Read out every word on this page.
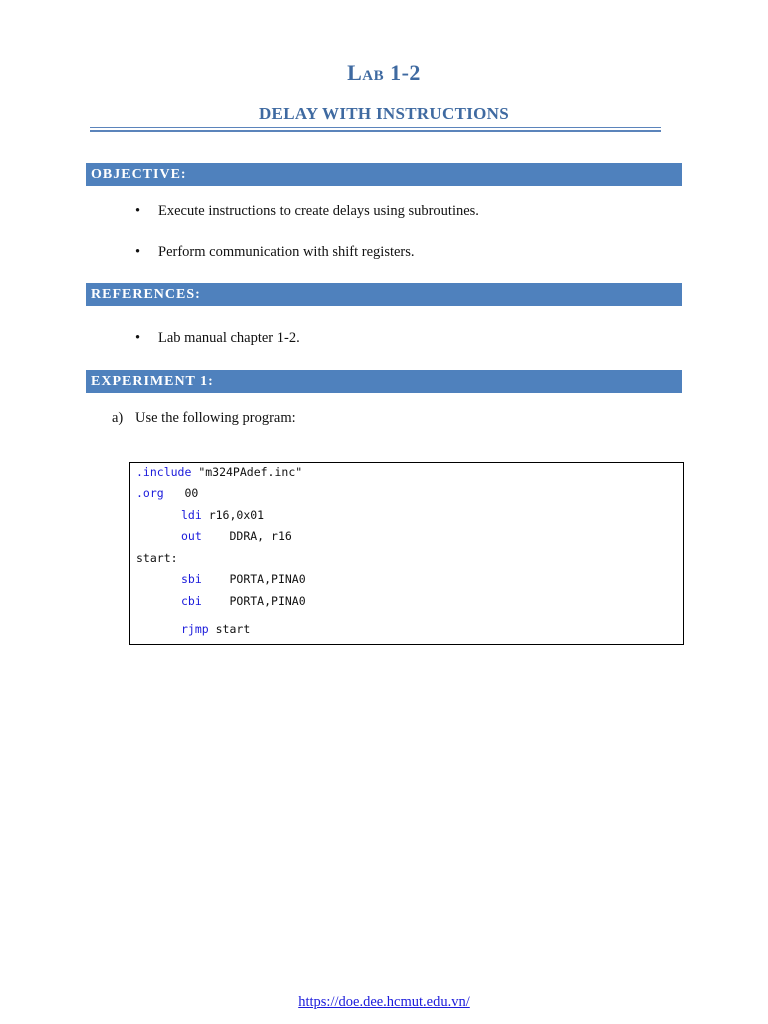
Lab 1-2
DELAY WITH INSTRUCTIONS
OBJECTIVE:
• Execute instructions to create delays using subroutines.
• Perform communication with shift registers.
REFERENCES:
• Lab manual chapter 1-2.
EXPERIMENT 1:
a) Use the following program:
.include "m324PAdef.inc"
.org   00
ldi r16,0x01
out    DDRA, r16
start:
sbi    PORTA,PINA0
cbi    PORTA,PINA0
rjmp start
https://doe.dee.hcmut.edu.vn/
